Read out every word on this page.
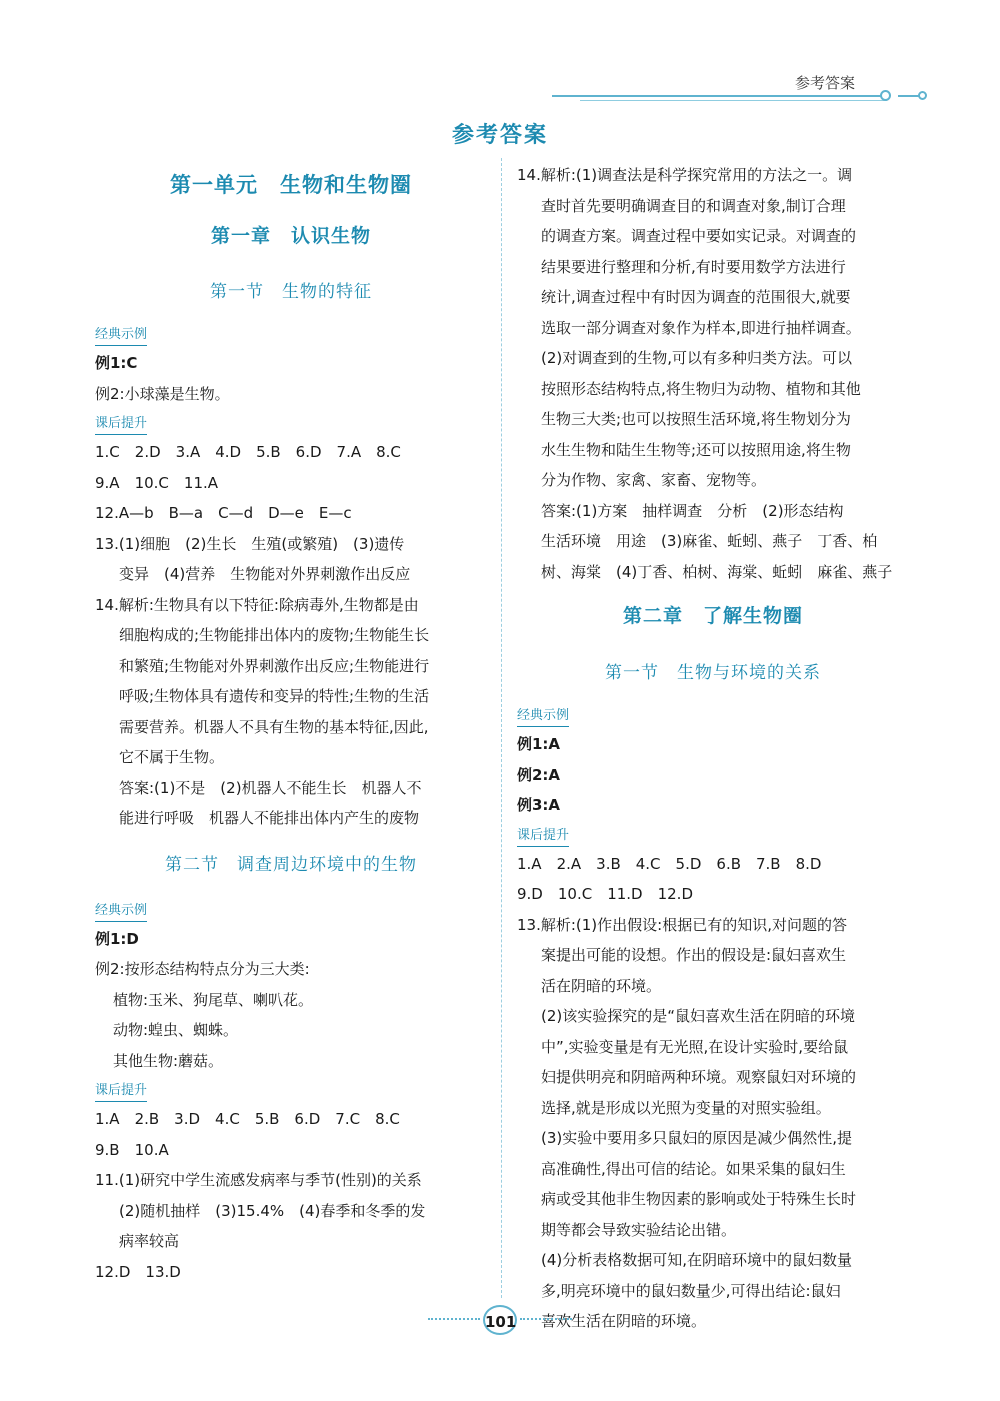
参考答案
参考答案
第一单元　生物和生物圈
第一章　认识生物
第一节　生物的特征
经典示例
例1:C
例2:小球藻是生物。
课后提升
1.C　2.D　3.A　4.D　5.B　6.D　7.A　8.C
9.A　10.C　11.A
12.A—b　B—a　C—d　D—e　E—c
13.(1)细胞　(2)生长　生殖(或繁殖)　(3)遗传
变异　(4)营养　生物能对外界刺激作出反应
14.解析:生物具有以下特征:除病毒外,生物都是由
细胞构成的;生物能排出体内的废物;生物能生长
和繁殖;生物能对外界刺激作出反应;生物能进行
呼吸;生物体具有遗传和变异的特性;生物的生活
需要营养。机器人不具有生物的基本特征,因此,
它不属于生物。
答案:(1)不是　(2)机器人不能生长　机器人不
能进行呼吸　机器人不能排出体内产生的废物
第二节　调查周边环境中的生物
经典示例
例1:D
例2:按形态结构特点分为三大类:
植物:玉米、狗尾草、喇叭花。
动物:蝗虫、蜘蛛。
其他生物:蘑菇。
课后提升
1.A　2.B　3.D　4.C　5.B　6.D　7.C　8.C
9.B　10.A
11.(1)研究中学生流感发病率与季节(性别)的关系
(2)随机抽样　(3)15.4%　(4)春季和冬季的发
病率较高
12.D　13.D
14.解析:(1)调查法是科学探究常用的方法之一。调
查时首先要明确调查目的和调查对象,制订合理
的调查方案。调查过程中要如实记录。对调查的
结果要进行整理和分析,有时要用数学方法进行
统计,调查过程中有时因为调查的范围很大,就要
选取一部分调查对象作为样本,即进行抽样调查。
(2)对调查到的生物,可以有多种归类方法。可以
按照形态结构特点,将生物归为动物、植物和其他
生物三大类;也可以按照生活环境,将生物划分为
水生生物和陆生生物等;还可以按照用途,将生物
分为作物、家禽、家畜、宠物等。
答案:(1)方案　抽样调查　分析　(2)形态结构
生活环境　用途　(3)麻雀、蚯蚓、燕子　丁香、柏
树、海棠　(4)丁香、柏树、海棠、蚯蚓　麻雀、燕子
第二章　了解生物圈
第一节　生物与环境的关系
经典示例
例1:A
例2:A
例3:A
课后提升
1.A　2.A　3.B　4.C　5.D　6.B　7.B　8.D
9.D　10.C　11.D　12.D
13.解析:(1)作出假设:根据已有的知识,对问题的答
案提出可能的设想。作出的假设是:鼠妇喜欢生
活在阴暗的环境。
(2)该实验探究的是“鼠妇喜欢生活在阴暗的环境
中”,实验变量是有无光照,在设计实验时,要给鼠
妇提供明亮和阴暗两种环境。观察鼠妇对环境的
选择,就是形成以光照为变量的对照实验组。
(3)实验中要用多只鼠妇的原因是减少偶然性,提
高准确性,得出可信的结论。如果采集的鼠妇生
病或受其他非生物因素的影响或处于特殊生长时
期等都会导致实验结论出错。
(4)分析表格数据可知,在阴暗环境中的鼠妇数量
多,明亮环境中的鼠妇数量少,可得出结论:鼠妇
喜欢生活在阴暗的环境。
101
